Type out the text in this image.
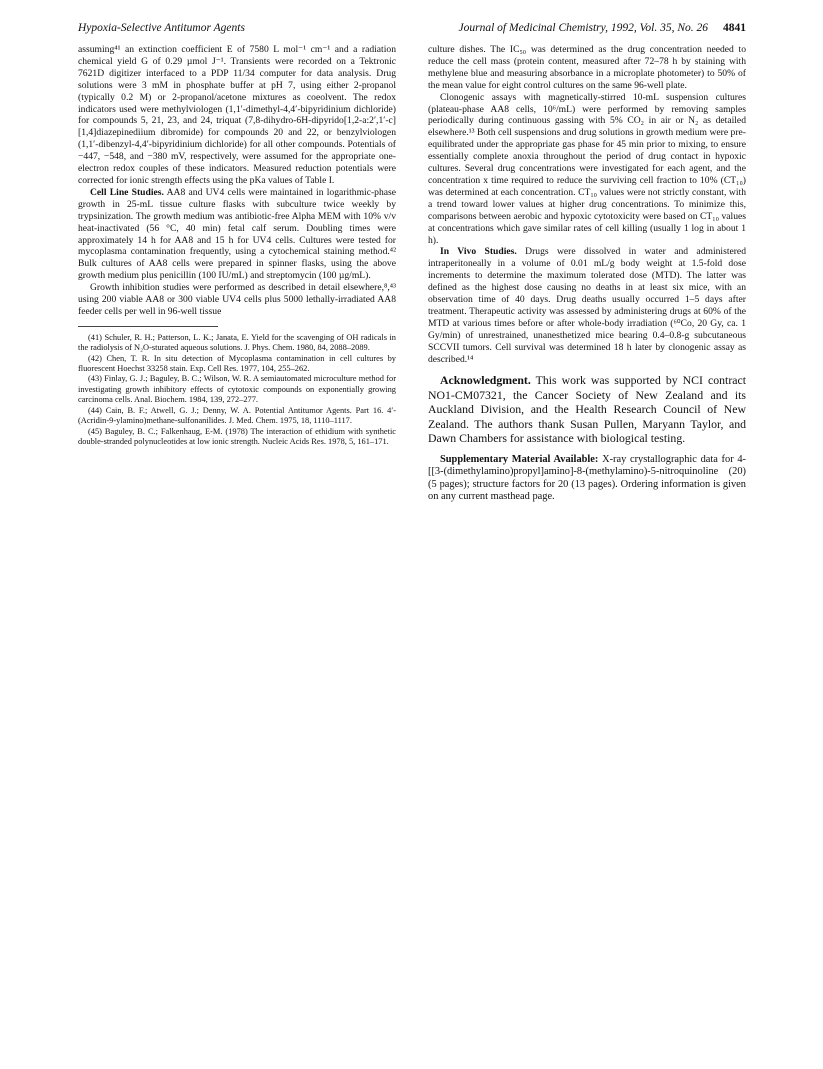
Hypoxia-Selective Antitumor Agents	Journal of Medicinal Chemistry, 1992, Vol. 35, No. 26 4841

assuming⁴¹ an extinction coefficient E of 7580 L mol⁻¹ cm⁻¹ and a radiation chemical yield G of 0.29 µmol J⁻¹. Transients were recorded on a Tektronic 7621D digitizer interfaced to a PDP 11/34 computer for data analysis. Drug solutions were 3 mM in phosphate buffer at pH 7, using either 2-propanol (typically 0.2 M) or 2-propanol/acetone mixtures as coeolvent. The redox indicators used were methylviologen (1,1′-dimethyl-4,4′-bipyridinium dichloride) for compounds 5, 21, 23, and 24, triquat (7,8-dihydro-6H-dipyrido[1,2-a:2′,1′-c][1,4]diazepinediium dibromide) for compounds 20 and 22, or benzylviologen (1,1′-dibenzyl-4,4′-bipyridinium dichloride) for all other compounds. Potentials of −447, −548, and −380 mV, respectively, were assumed for the appropriate one-electron redox couples of these indicators. Measured reduction potentials were corrected for ionic strength effects using the pKa values of Table I.

Cell Line Studies. AA8 and UV4 cells were maintained in logarithmic-phase growth in 25-mL tissue culture flasks with subculture twice weekly by trypsinization. The growth medium was antibiotic-free Alpha MEM with 10% v/v heat-inactivated (56 °C, 40 min) fetal calf serum. Doubling times were approximately 14 h for AA8 and 15 h for UV4 cells. Cultures were tested for mycoplasma contamination frequently, using a cytochemical staining method.⁴² Bulk cultures of AA8 cells were prepared in spinner flasks, using the above growth medium plus penicillin (100 IU/mL) and streptomycin (100 µg/mL).

Growth inhibition studies were performed as described in detail elsewhere,⁸,⁴³ using 200 viable AA8 or 300 viable UV4 cells plus 5000 lethally-irradiated AA8 feeder cells per well in 96-well tissue

(41) Schuler, R. H.; Patterson, L. K.; Janata, E. Yield for the scavenging of OH radicals in the radiolysis of N₂O-sturated aqueous solutions. J. Phys. Chem. 1980, 84, 2088–2089.

(42) Chen, T. R. In situ detection of Mycoplasma contamination in cell cultures by fluorescent Hoechst 33258 stain. Exp. Cell Res. 1977, 104, 255–262.

(43) Finlay, G. J.; Baguley, B. C.; Wilson, W. R. A semiautomated microculture method for investigating growth inhibitory effects of cytotoxic compounds on exponentially growing carcinoma cells. Anal. Biochem. 1984, 139, 272–277.

(44) Cain, B. F.; Atwell, G. J.; Denny, W. A. Potential Antitumor Agents. Part 16. 4′-(Acridin-9-ylamino)methane-sulfonanilides. J. Med. Chem. 1975, 18, 1110–1117.

(45) Baguley, B. C.; Falkenhaug, E-M. (1978) The interaction of ethidium with synthetic double-stranded polynucleotides at low ionic strength. Nucleic Acids Res. 1978, 5, 161–171.

culture dishes. The IC₅₀ was determined as the drug concentration needed to reduce the cell mass (protein content, measured after 72–78 h by staining with methylene blue and measuring absorbance in a microplate photometer) to 50% of the mean value for eight control cultures on the same 96-well plate.

Clonogenic assays with magnetically-stirred 10-mL suspension cultures (plateau-phase AA8 cells, 10⁶/mL) were performed by removing samples periodically during continuous gassing with 5% CO₂ in air or N₂ as detailed elsewhere.¹³ Both cell suspensions and drug solutions in growth medium were pre-equilibrated under the appropriate gas phase for 45 min prior to mixing, to ensure essentially complete anoxia throughout the period of drug contact in hypoxic cultures. Several drug concentrations were investigated for each agent, and the concentration x time required to reduce the surviving cell fraction to 10% (CT₁₀) was determined at each concentration. CT₁₀ values were not strictly constant, with a trend toward lower values at higher drug concentrations. To minimize this, comparisons between aerobic and hypoxic cytotoxicity were based on CT₁₀ values at concentrations which gave similar rates of cell killing (usually 1 log in about 1 h).

In Vivo Studies. Drugs were dissolved in water and administered intraperitoneally in a volume of 0.01 mL/g body weight at 1.5-fold dose increments to determine the maximum tolerated dose (MTD). The latter was defined as the highest dose causing no deaths in at least six mice, with an observation time of 40 days. Drug deaths usually occurred 1–5 days after treatment. Therapeutic activity was assessed by administering drugs at 60% of the MTD at various times before or after whole-body irradiation (⁶⁰Co, 20 Gy, ca. 1 Gy/min) of unrestrained, unanesthetized mice bearing 0.4–0.8-g subcutaneous SCCVII tumors. Cell survival was determined 18 h later by clonogenic assay as described.¹⁴

Acknowledgment. This work was supported by NCI contract NO1-CM07321, the Cancer Society of New Zealand and its Auckland Division, and the Health Research Council of New Zealand. The authors thank Susan Pullen, Maryann Taylor, and Dawn Chambers for assistance with biological testing.

Supplementary Material Available: X-ray crystallographic data for 4-[[3-(dimethylamino)propyl]amino]-8-(methylamino)-5-nitroquinoline (20) (5 pages); structure factors for 20 (13 pages). Ordering information is given on any current masthead page.
